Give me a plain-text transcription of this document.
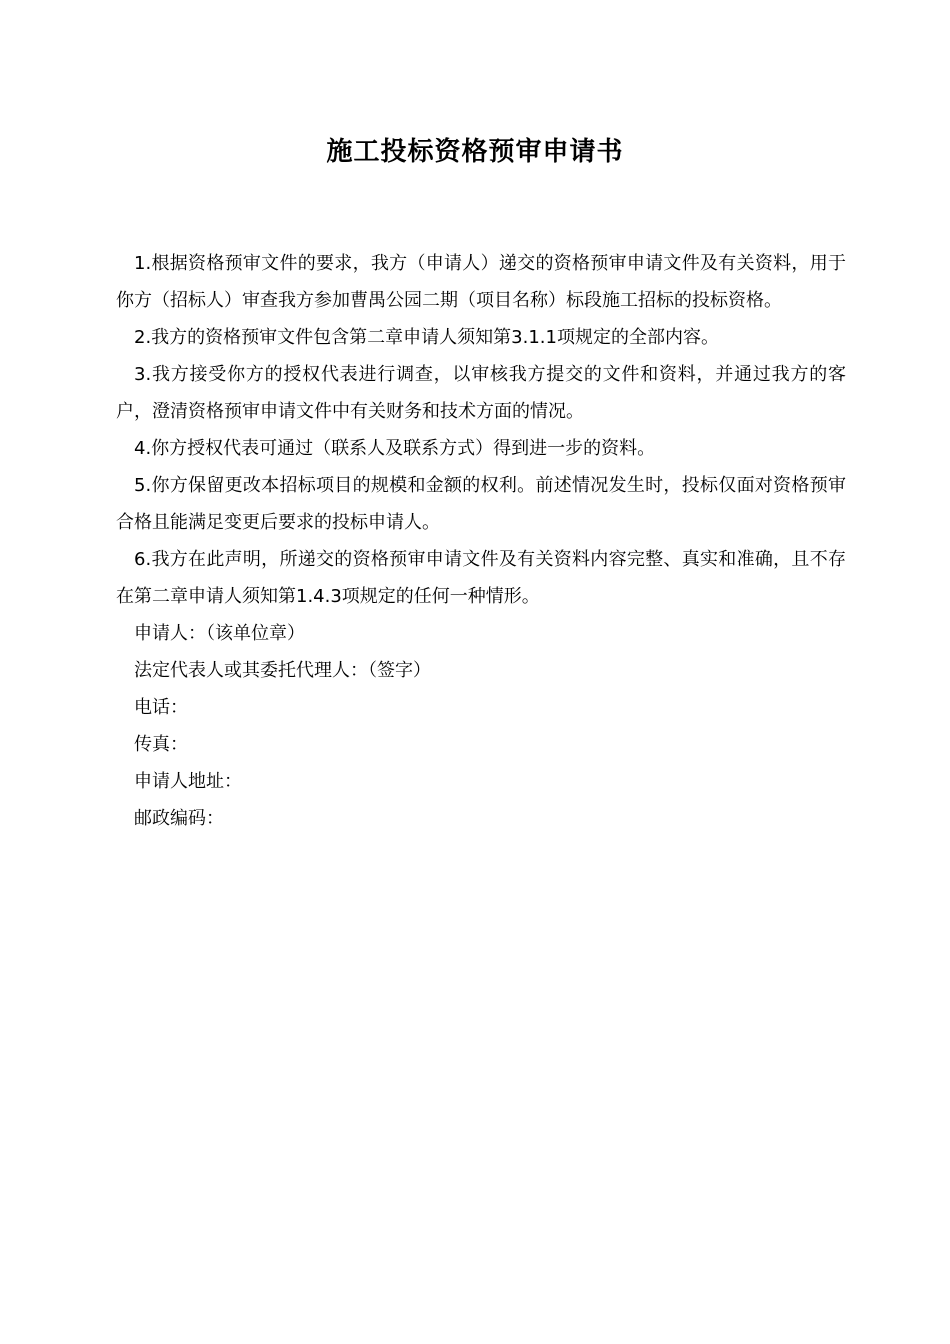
施工投标资格预审申请书

1.根据资格预审文件的要求，我方（申请人）递交的资格预审申请文件及有关资料，用于你方（招标人）审查我方参加曹禺公园二期（项目名称）标段施工招标的投标资格。

2.我方的资格预审文件包含第二章申请人须知第3.1.1项规定的全部内容。

3.我方接受你方的授权代表进行调查，以审核我方提交的文件和资料，并通过我方的客户，澄清资格预审申请文件中有关财务和技术方面的情况。

4.你方授权代表可通过（联系人及联系方式）得到进一步的资料。

5.你方保留更改本招标项目的规模和金额的权利。前述情况发生时，投标仅面对资格预审合格且能满足变更后要求的投标申请人。

6.我方在此声明，所递交的资格预审申请文件及有关资料内容完整、真实和准确，且不存在第二章申请人须知第1.4.3项规定的任何一种情形。

申请人：（该单位章）

法定代表人或其委托代理人：（签字）

电话：

传真：

申请人地址：

邮政编码：
